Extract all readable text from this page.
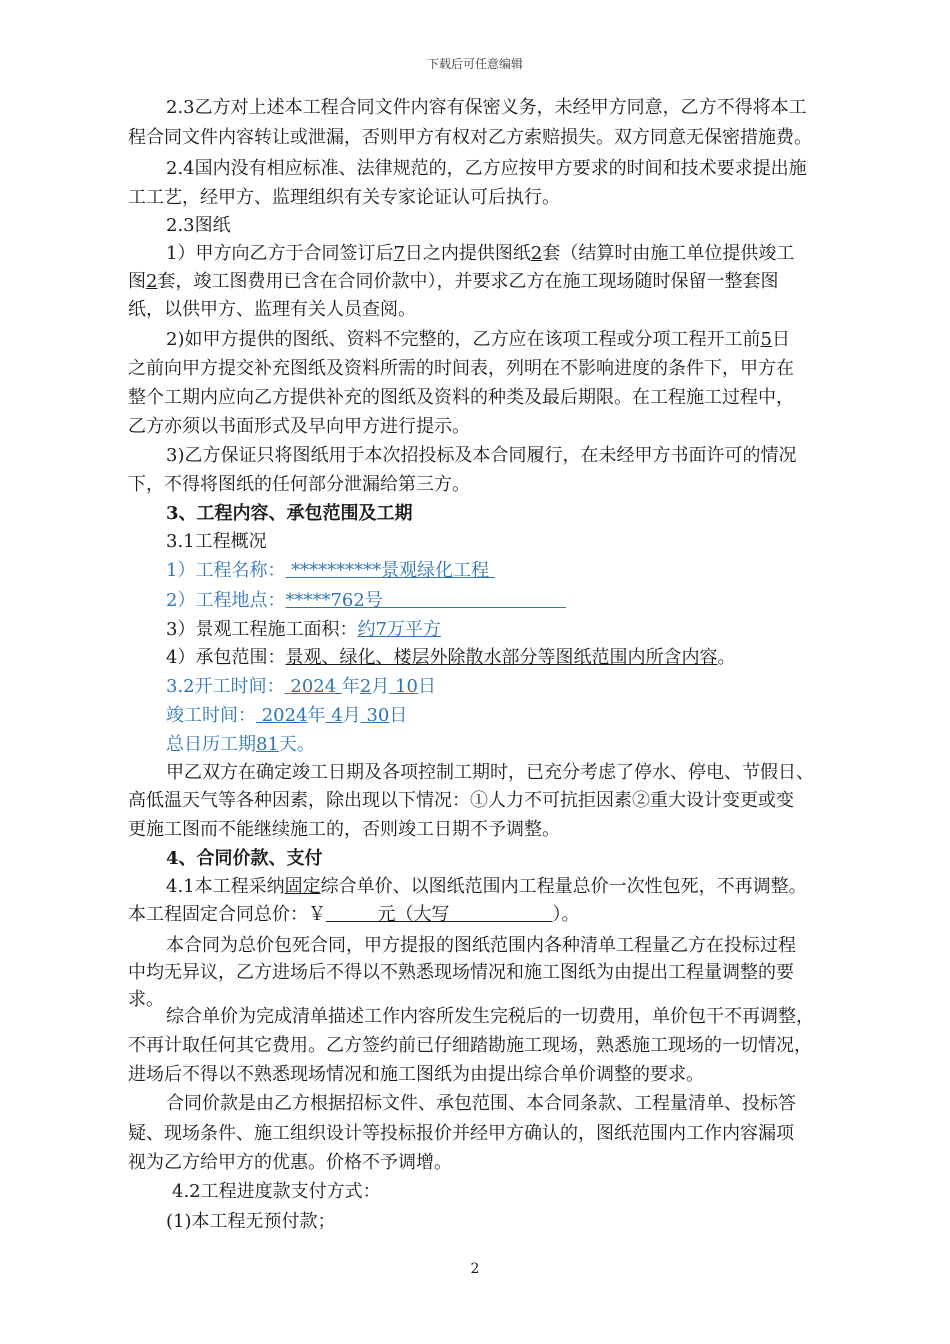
下载后可任意编辑
2.3乙方对上述本工程合同文件内容有保密义务，未经甲方同意，乙方不得将本工
程合同文件内容转让或泄漏，否则甲方有权对乙方索赔损失。双方同意无保密措施费。
2.4国内没有相应标准、法律规范的，乙方应按甲方要求的时间和技术要求提出施
工工艺，经甲方、监理组织有关专家论证认可后执行。
2.3图纸
1）甲方向乙方于合同签订后7日之内提供图纸2套（结算时由施工单位提供竣工
图2套，竣工图费用已含在合同价款中），并要求乙方在施工现场随时保留一整套图
纸，以供甲方、监理有关人员查阅。
2)如甲方提供的图纸、资料不完整的，乙方应在该项工程或分项工程开工前5日
之前向甲方提交补充图纸及资料所需的时间表，列明在不影响进度的条件下，甲方在
整个工期内应向乙方提供补充的图纸及资料的种类及最后期限。在工程施工过程中，
乙方亦须以书面形式及早向甲方进行提示。
3)乙方保证只将图纸用于本次招投标及本合同履行，在未经甲方书面许可的情况
下，不得将图纸的任何部分泄漏给第三方。
3、工程内容、承包范围及工期
3.1工程概况
1）工程名称： **********景观绿化工程
2）工程地点：*****762号
3）景观工程施工面积：约7万平方
4）承包范围：景观、绿化、楼层外除散水部分等图纸范围内所含内容。
3.2开工时间： 2024 年2月 10日
竣工时间： 2024年 4月 30日
总日历工期81天。
甲乙双方在确定竣工日期及各项控制工期时，已充分考虑了停水、停电、节假日、
高低温天气等各种因素，除出现以下情况：①人力不可抗拒因素②重大设计变更或变
更施工图而不能继续施工的，否则竣工日期不予调整。
4、合同价款、支付
4.1本工程采纳固定综合单价、以图纸范围内工程量总价一次性包死，不再调整。
本工程固定合同总价：￥	元（大写	）。
本合同为总价包死合同，甲方提报的图纸范围内各种清单工程量乙方在投标过程
中均无异议，乙方进场后不得以不熟悉现场情况和施工图纸为由提出工程量调整的要
求。
综合单价为完成清单描述工作内容所发生完税后的一切费用，单价包干不再调整，
不再计取任何其它费用。乙方签约前已仔细踏勘施工现场，熟悉施工现场的一切情况，
进场后不得以不熟悉现场情况和施工图纸为由提出综合单价调整的要求。
合同价款是由乙方根据招标文件、承包范围、本合同条款、工程量清单、投标答
疑、现场条件、施工组织设计等投标报价并经甲方确认的，图纸范围内工作内容漏项
视为乙方给甲方的优惠。价格不予调增。
4.2工程进度款支付方式：
(1)本工程无预付款；
2
